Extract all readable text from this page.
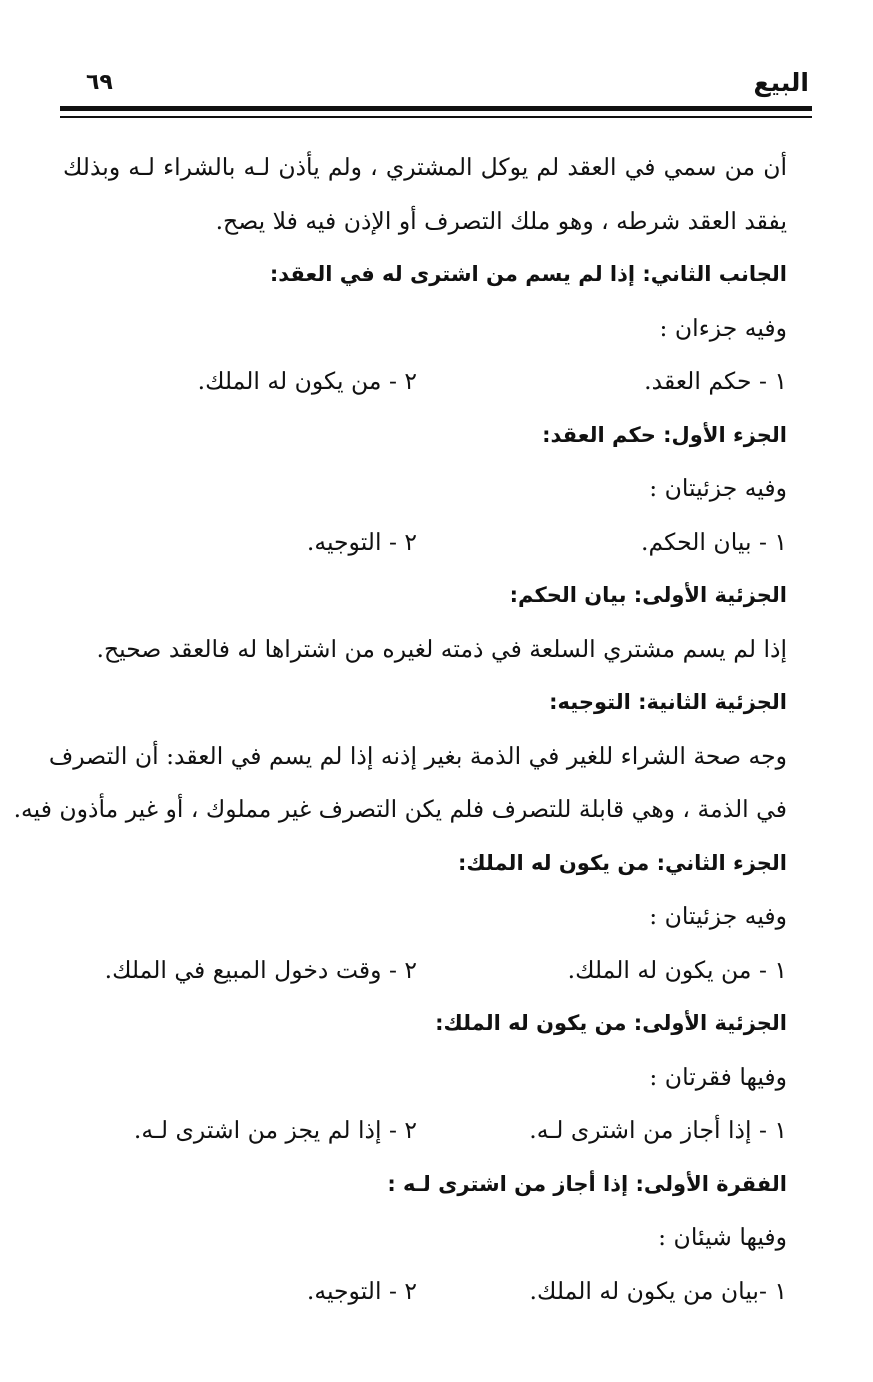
البيع
٦٩
أن من سمي في العقد لم يوكل المشتري ، ولم يأذن لـه بالشراء لـه وبذلك
يفقد العقد شرطه ، وهو ملك التصرف أو الإذن فيه فلا يصح.
الجانب الثاني: إذا لم يسم من اشترى له في العقد:
وفيه جزءان :
١ - حكم العقد.
٢ - من يكون له الملك.
الجزء الأول: حكم العقد:
وفيه جزئيتان :
١ - بيان الحكم.
٢ - التوجيه.
الجزئية الأولى: بيان الحكم:
إذا لم يسم مشتري السلعة في ذمته لغيره من اشتراها له فالعقد صحيح.
الجزئية الثانية: التوجيه:
وجه صحة الشراء للغير في الذمة بغير إذنه إذا لم يسم في العقد: أن التصرف
في الذمة ، وهي قابلة للتصرف فلم يكن التصرف غير مملوك ، أو غير مأذون فيه.
الجزء الثاني: من يكون له الملك:
وفيه جزئيتان :
١ - من يكون له الملك.
٢ - وقت دخول المبيع في الملك.
الجزئية الأولى: من يكون له الملك:
وفيها فقرتان :
١ - إذا أجاز من اشترى لـه.
٢ - إذا لم يجز من اشترى لـه.
الفقرة الأولى: إذا أجاز من اشترى لـه :
وفيها شيئان :
١ -بيان من يكون له الملك.
٢ - التوجيه.
